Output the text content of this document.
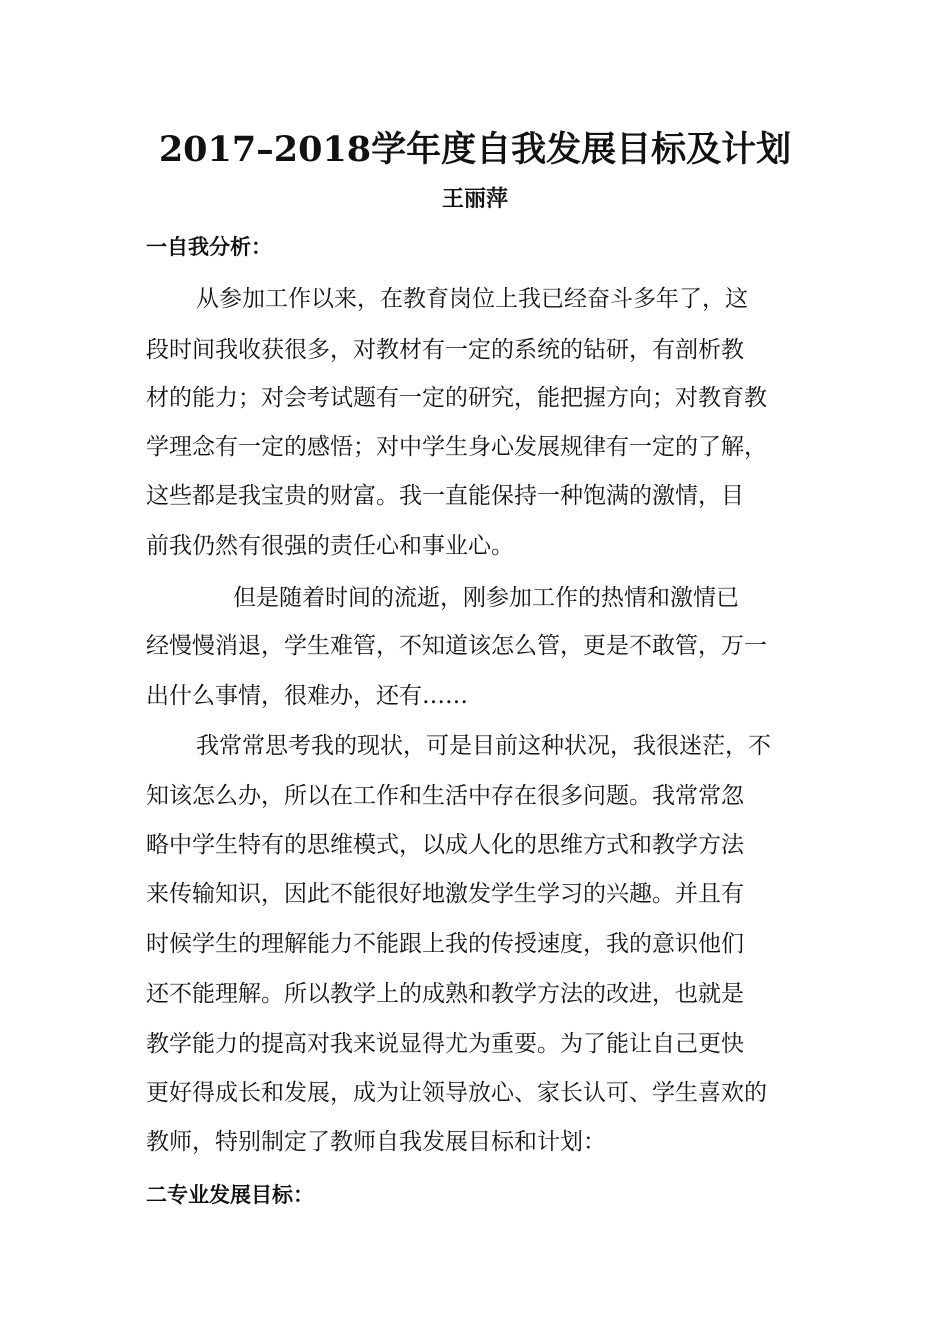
2017–2018学年度自我发展目标及计划
王丽萍
一自我分析：
从参加工作以来，在教育岗位上我已经奋斗多年了，这
段时间我收获很多，对教材有一定的系统的钻研，有剖析教
材的能力；对会考试题有一定的研究，能把握方向；对教育教
学理念有一定的感悟；对中学生身心发展规律有一定的了解，
这些都是我宝贵的财富。我一直能保持一种饱满的激情，目
前我仍然有很强的责任心和事业心。
但是随着时间的流逝，刚参加工作的热情和激情已
经慢慢消退，学生难管，不知道该怎么管，更是不敢管，万一
出什么事情，很难办，还有……
我常常思考我的现状，可是目前这种状况，我很迷茫，不
知该怎么办，所以在工作和生活中存在很多问题。我常常忽
略中学生特有的思维模式，以成人化的思维方式和教学方法
来传输知识，因此不能很好地激发学生学习的兴趣。并且有
时候学生的理解能力不能跟上我的传授速度，我的意识他们
还不能理解。所以教学上的成熟和教学方法的改进，也就是
教学能力的提高对我来说显得尤为重要。为了能让自己更快
更好得成长和发展，成为让领导放心、家长认可、学生喜欢的
教师，特别制定了教师自我发展目标和计划：
二专业发展目标：
